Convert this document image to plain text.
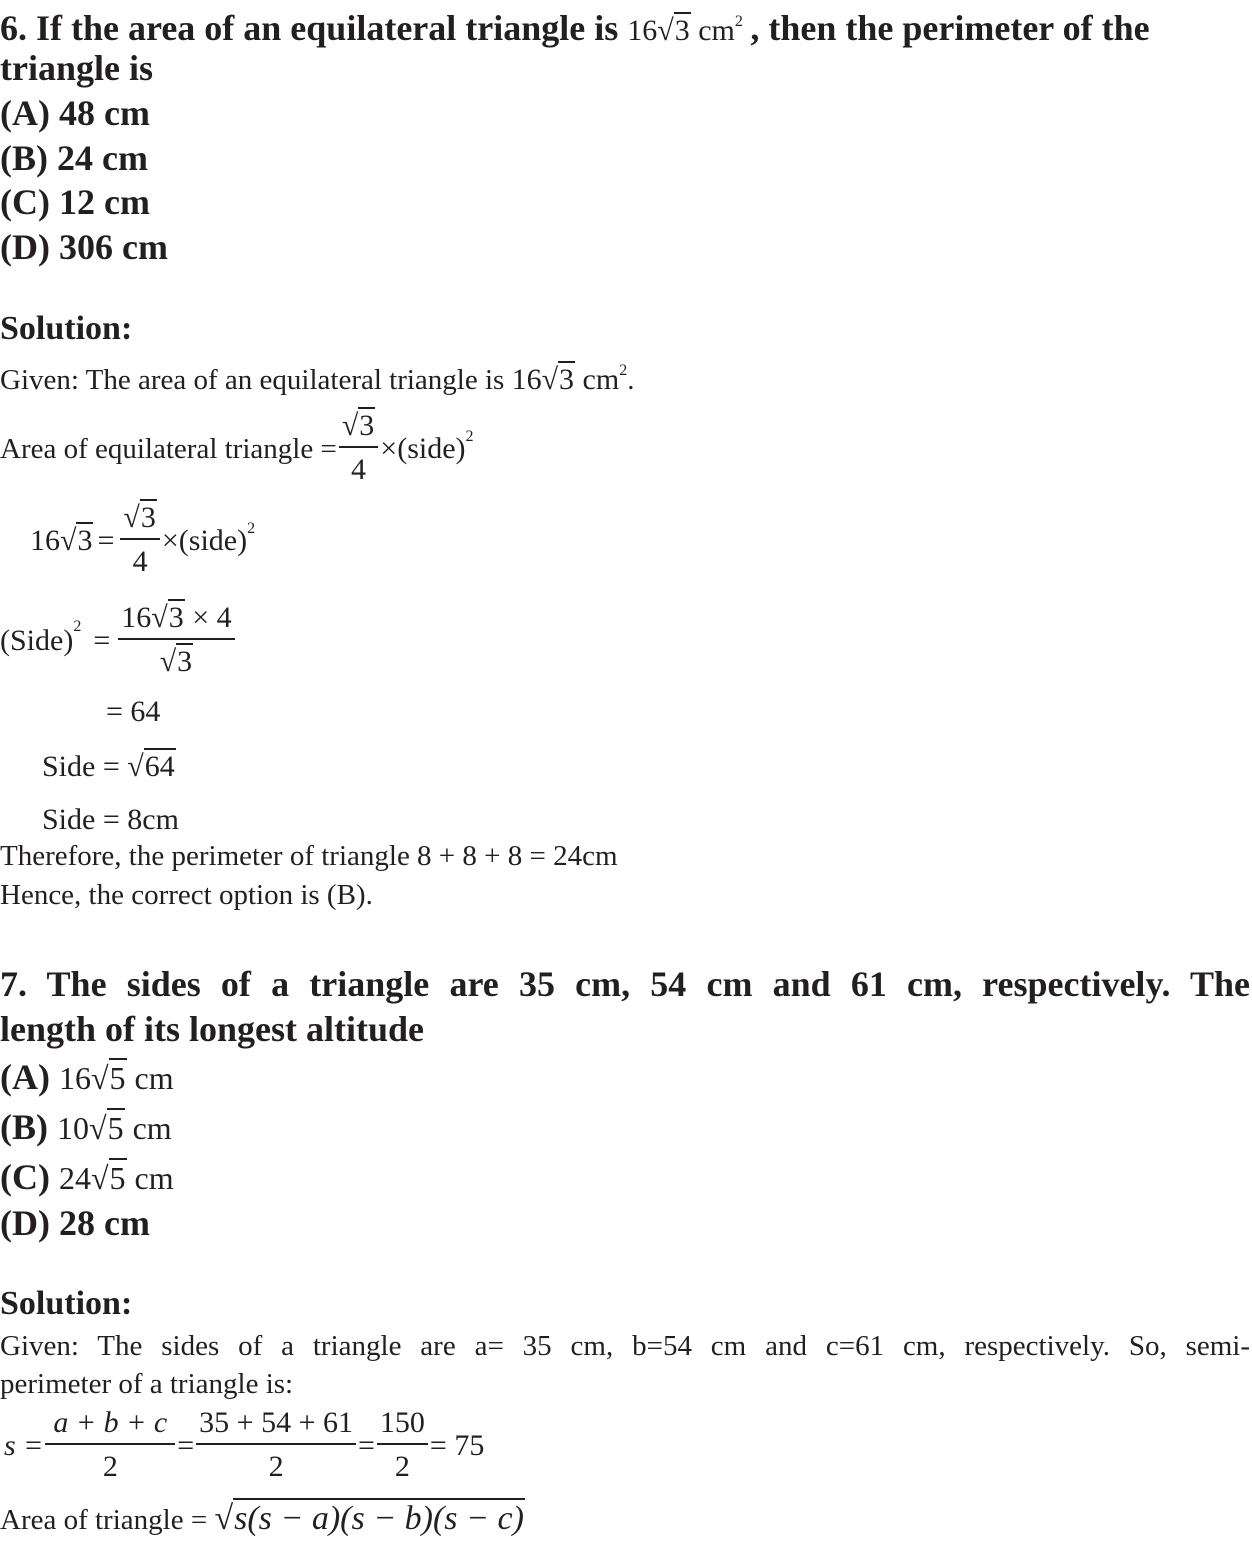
6. If the area of an equilateral triangle is 16√3 $cm^2$ , then the perimeter of the
triangle is
(A) 48 cm
(B) 24 cm
(C) 12 cm
(D) 306 cm
Solution:
Given: The area of an equilateral triangle is 16√3 $cm^2$.
Area of equilateral triangle = $\frac{√3}{4}$ × (side) 2
16 $√3 = \frac{√3}{4}$ ×(side) 2
(Side) $2 = \frac{16√3 \times 4}{√3}$
= 64
Side = √64
Side = 8cm
Therefore, the perimeter of triangle 8 + 8 + 8 = 24cm
Hence, the correct option is (B).
7. The sides of a triangle are 35 cm, 54 cm and 61 cm, respectively. The
length of its longest altitude
(A) 16√5 cm
(B) 10√5 cm
(C) 24√5 cm
(D) 28 cm
Solution:
Given: The sides of a triangle are a= 35 cm, b=54 cm and c=61 cm, respectively. So, semi-
perimeter of a triangle is:
$s = \frac{a + b + c}{2} = \frac{35 + 54 + 61}{2} = \frac{150}{2} = 75$
Area of triangle = √s(s − a)(s − b)(s − c)
